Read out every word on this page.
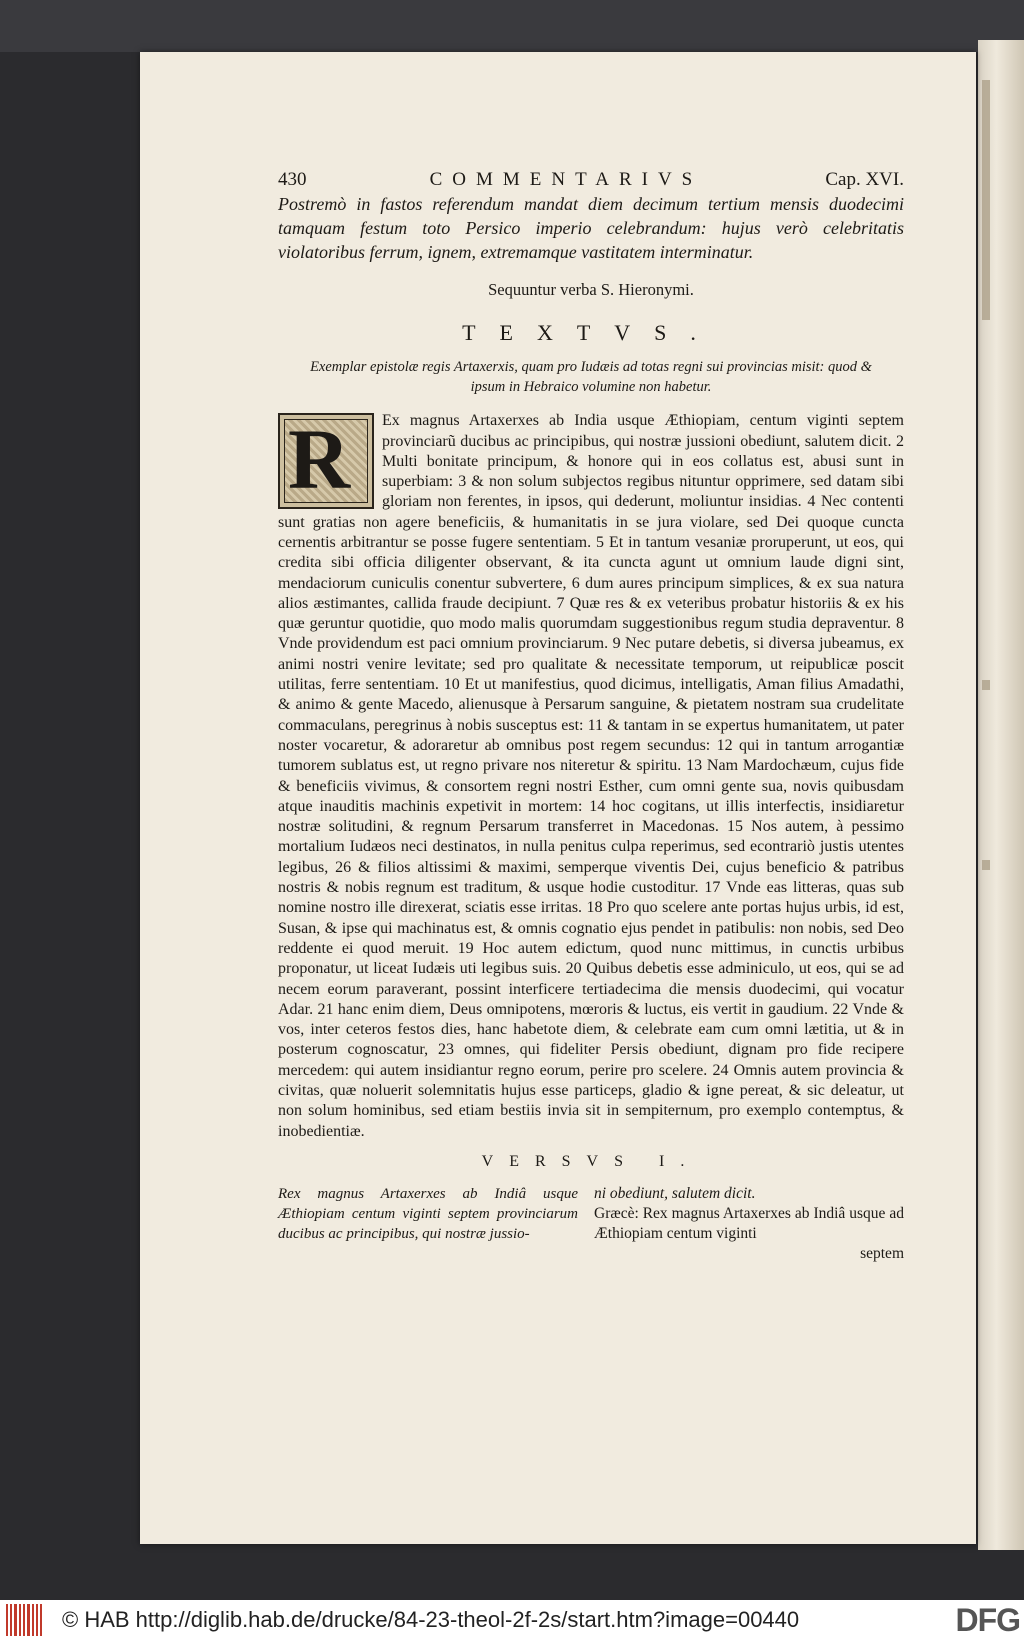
430	COMMENTARIVS	Cap. XVI.
Postremò in fastos referendum mandat diem decimum tertium mensis duodecimi tamquam festum toto Persico imperio celebrandum: hujus verò celebritatis violatoribus ferrum, ignem, extremamque vastitatem interminatur.
Sequuntur verba S. Hieronymi.
TEXTVS.
Exemplar epistolæ regis Artaxerxis, quam pro Iudæis ad totas regni sui provincias misit: quod & ipsum in Hebraico volumine non habetur.
R Ex magnus Artaxerxes ab India usque Æthiopiam, centum viginti septem provinciarũ ducibus ac principibus, qui nostræ jussioni obediunt, salutem dicit. 2 Multi bonitate principum, & honore qui in eos collatus est, abusi sunt in superbiam: 3 & non solum subjectos regibus nituntur opprimere, sed datam sibi gloriam non ferentes, in ipsos, qui dederunt, moliuntur insidias. 4 Nec contenti sunt gratias non agere beneficiis, & humanitatis in se jura violare, sed Dei quoque cuncta cernentis arbitrantur se posse fugere sententiam. 5 Et in tantum vesaniæ proruperunt, ut eos, qui credita sibi officia diligenter observant, & ita cuncta agunt ut omnium laude digni sint, mendaciorum cuniculis conentur subvertere, 6 dum aures principum simplices, & ex sua natura alios æstimantes, callida fraude decipiunt. 7 Quæ res & ex veteribus probatur historiis & ex his quæ geruntur quotidie, quo modo malis quorumdam suggestionibus regum studia depraventur. 8 Vnde providendum est paci omnium provinciarum. 9 Nec putare debetis, si diversa jubeamus, ex animi nostri venire levitate; sed pro qualitate & necessitate temporum, ut reipublicæ poscit utilitas, ferre sententiam. 10 Et ut manifestius, quod dicimus, intelligatis, Aman filius Amadathi, & animo & gente Macedo, alienusque à Persarum sanguine, & pietatem nostram sua crudelitate commaculans, peregrinus à nobis susceptus est: 11 & tantam in se expertus humanitatem, ut pater noster vocaretur, & adoraretur ab omnibus post regem secundus: 12 qui in tantum arrogantiæ tumorem sublatus est, ut regno privare nos niteretur & spiritu. 13 Nam Mardochæum, cujus fide & beneficiis vivimus, & consortem regni nostri Esther, cum omni gente sua, novis quibusdam atque inauditis machinis expetivit in mortem: 14 hoc cogitans, ut illis interfectis, insidiaretur nostræ solitudini, & regnum Persarum transferret in Macedonas. 15 Nos autem, à pessimo mortalium Iudæos neci destinatos, in nulla penitus culpa reperimus, sed econtrariò justis utentes legibus, 26 & filios altissimi & maximi, semperque viventis Dei, cujus beneficio & patribus nostris & nobis regnum est traditum, & usque hodie custoditur. 17 Vnde eas litteras, quas sub nomine nostro ille direxerat, sciatis esse irritas. 18 Pro quo scelere ante portas hujus urbis, id est, Susan, & ipse qui machinatus est, & omnis cognatio ejus pendet in patibulis: non nobis, sed Deo reddente ei quod meruit. 19 Hoc autem edictum, quod nunc mittimus, in cunctis urbibus proponatur, ut liceat Iudæis uti legibus suis. 20 Quibus debetis esse adminiculo, ut eos, qui se ad necem eorum paraverant, possint interficere tertiadecima die mensis duodecimi, qui vocatur Adar. 21 hanc enim diem, Deus omnipotens, mœroris & luctus, eis vertit in gaudium. 22 Vnde & vos, inter ceteros festos dies, hanc habetote diem, & celebrate eam cum omni lætitia, ut & in posterum cognoscatur, 23 omnes, qui fideliter Persis obediunt, dignam pro fide recipere mercedem: qui autem insidiantur regno eorum, perire pro scelere. 24 Omnis autem provincia & civitas, quæ noluerit solemnitatis hujus esse particeps, gladio & igne pereat, & sic deleatur, ut non solum hominibus, sed etiam bestiis invia sit in sempiternum, pro exemplo contemptus, & inobedientiæ.
VERSVS I.
Rex magnus Artaxerxes ab Indiâ usque Æthiopiam centum viginti septem provinciarum ducibus ac principibus, qui nostræ jussio-
ni obediunt, salutem dicit.
Græcè: Rex magnus Artaxerxes ab Indiâ usque ad Æthiopiam centum viginti
septem
© HAB http://diglib.hab.de/drucke/84-23-theol-2f-2s/start.htm?image=00440	DFG
